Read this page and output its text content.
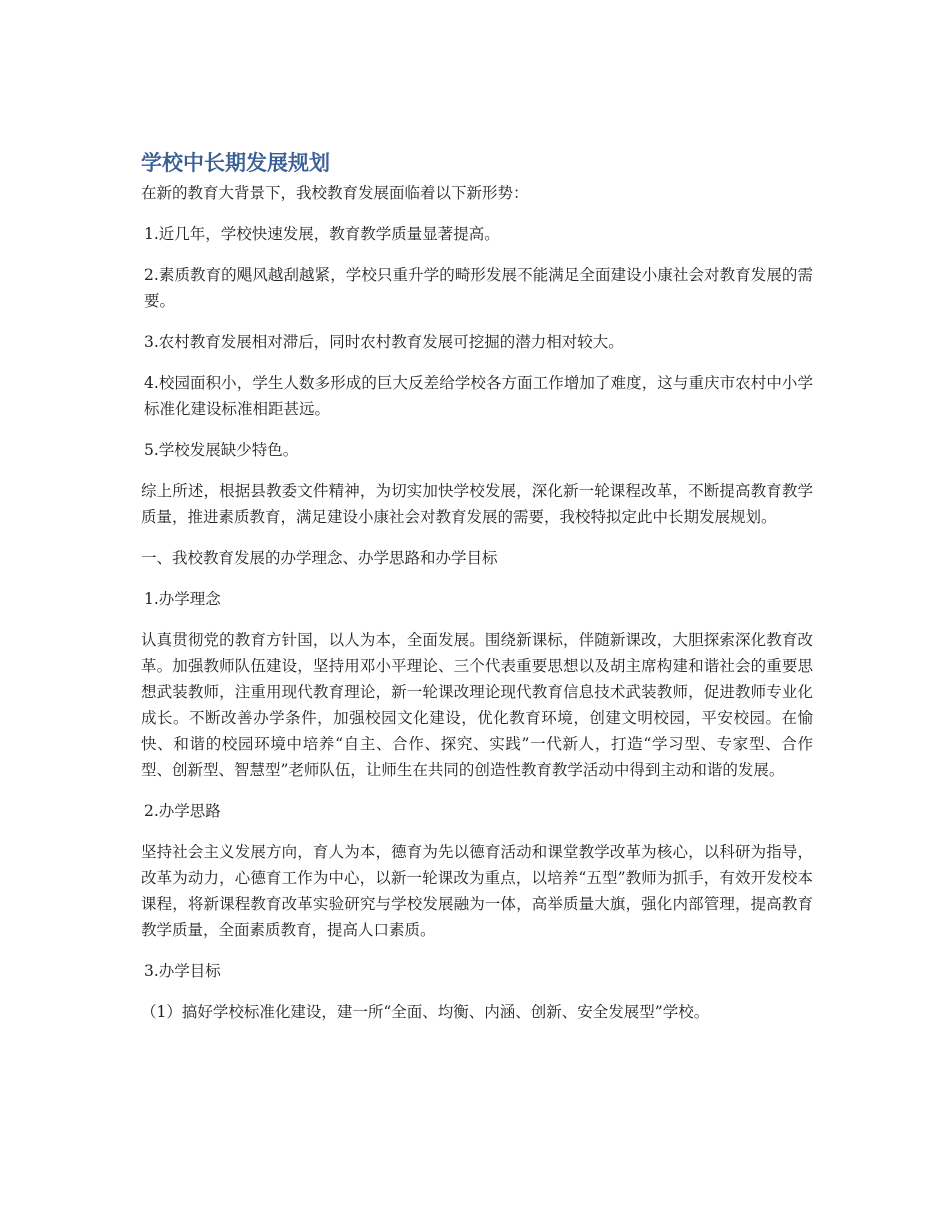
学校中长期发展规划

在新的教育大背景下，我校教育发展面临着以下新形势：

1.近几年，学校快速发展，教育教学质量显著提高。

2.素质教育的飓风越刮越紧，学校只重升学的畸形发展不能满足全面建设小康社会对教育发展的需要。

3.农村教育发展相对滞后，同时农村教育发展可挖掘的潜力相对较大。

4.校园面积小，学生人数多形成的巨大反差给学校各方面工作增加了难度，这与重庆市农村中小学标准化建设标准相距甚远。

5.学校发展缺少特色。

综上所述，根据县教委文件精神，为切实加快学校发展，深化新一轮课程改革，不断提高教育教学质量，推进素质教育，满足建设小康社会对教育发展的需要，我校特拟定此中长期发展规划。

一、我校教育发展的办学理念、办学思路和办学目标

1.办学理念

认真贯彻党的教育方针国，以人为本，全面发展。围绕新课标，伴随新课改，大胆探索深化教育改革。加强教师队伍建设，坚持用邓小平理论、三个代表重要思想以及胡主席构建和谐社会的重要思想武装教师，注重用现代教育理论，新一轮课改理论现代教育信息技术武装教师，促进教师专业化成长。不断改善办学条件，加强校园文化建设，优化教育环境，创建文明校园，平安校园。在愉快、和谐的校园环境中培养“自主、合作、探究、实践”一代新人，打造“学习型、专家型、合作型、创新型、智慧型”老师队伍，让师生在共同的创造性教育教学活动中得到主动和谐的发展。

2.办学思路

坚持社会主义发展方向，育人为本，德育为先以德育活动和课堂教学改革为核心，以科研为指导，改革为动力，心德育工作为中心，以新一轮课改为重点，以培养“五型”教师为抓手，有效开发校本课程，将新课程教育改革实验研究与学校发展融为一体，高举质量大旗，强化内部管理，提高教育教学质量，全面素质教育，提高人口素质。

3.办学目标

（1）搞好学校标准化建设，建一所“全面、均衡、内涵、创新、安全发展型”学校。
